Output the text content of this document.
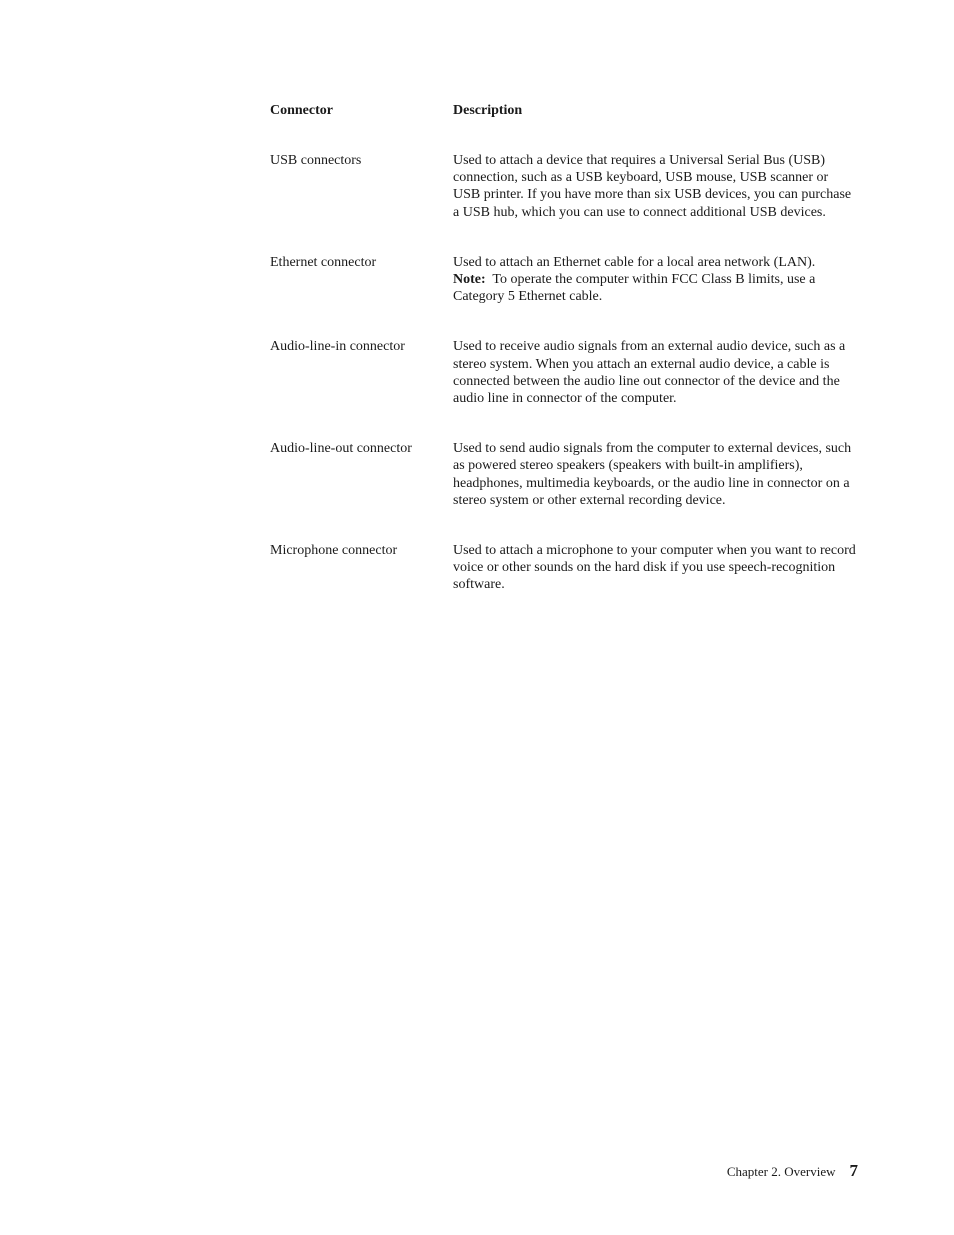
Connector	Description
USB connectors	Used to attach a device that requires a Universal Serial Bus (USB) connection, such as a USB keyboard, USB mouse, USB scanner or USB printer. If you have more than six USB devices, you can purchase a USB hub, which you can use to connect additional USB devices.
Ethernet connector	Used to attach an Ethernet cable for a local area network (LAN).
Note: To operate the computer within FCC Class B limits, use a Category 5 Ethernet cable.
Audio-line-in connector	Used to receive audio signals from an external audio device, such as a stereo system. When you attach an external audio device, a cable is connected between the audio line out connector of the device and the audio line in connector of the computer.
Audio-line-out connector	Used to send audio signals from the computer to external devices, such as powered stereo speakers (speakers with built-in amplifiers), headphones, multimedia keyboards, or the audio line in connector on a stereo system or other external recording device.
Microphone connector	Used to attach a microphone to your computer when you want to record voice or other sounds on the hard disk if you use speech-recognition software.
Chapter 2. Overview 7
